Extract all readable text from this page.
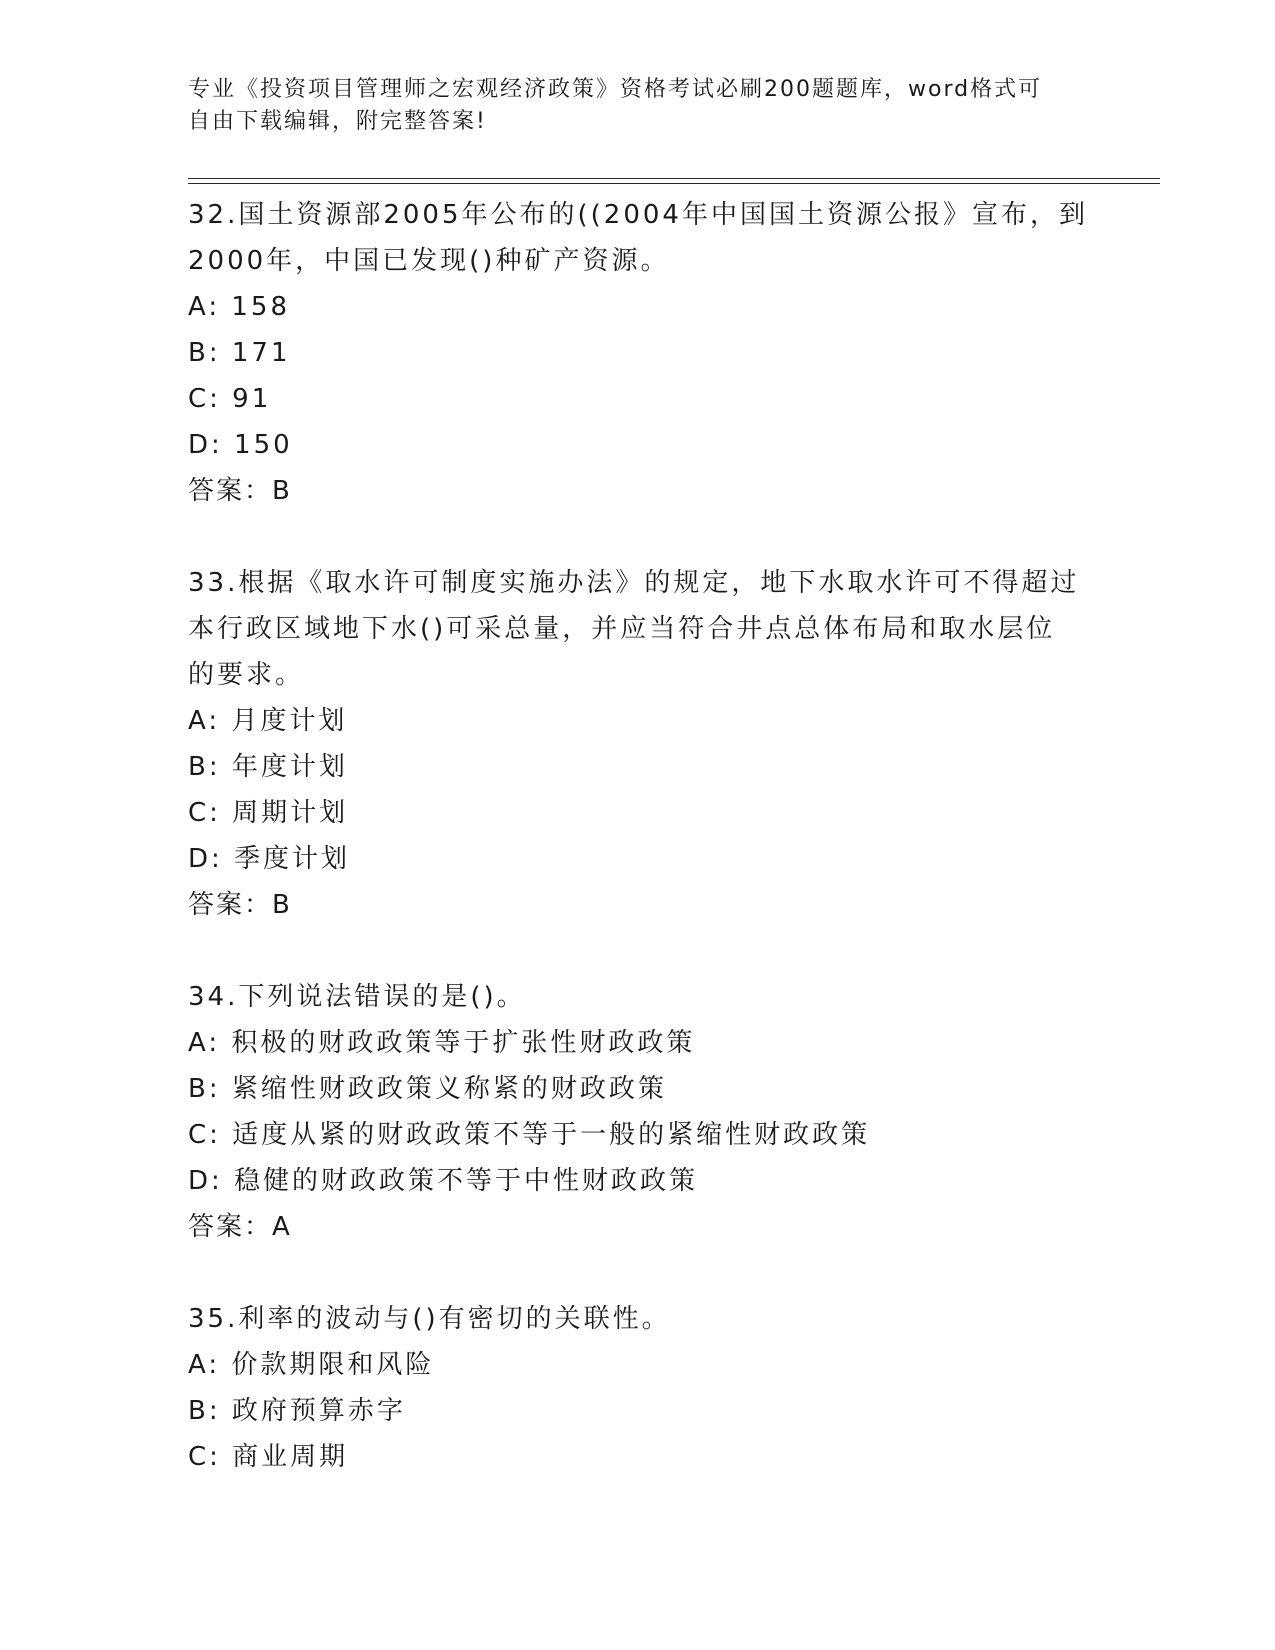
专业《投资项目管理师之宏观经济政策》资格考试必刷200题题库，word格式可
自由下载编辑，附完整答案!
32.国土资源部2005年公布的((2004年中国国土资源公报》宣布，到
2000年，中国已发现()种矿产资源。
A: 158
B: 171
C: 91
D: 150
答案：B
33.根据《取水许可制度实施办法》的规定，地下水取水许可不得超过
本行政区域地下水()可采总量，并应当符合井点总体布局和取水层位
的要求。
A: 月度计划
B: 年度计划
C: 周期计划
D: 季度计划
答案：B
34.下列说法错误的是()。
A: 积极的财政政策等于扩张性财政政策
B: 紧缩性财政政策义称紧的财政政策
C: 适度从紧的财政政策不等于一般的紧缩性财政政策
D: 稳健的财政政策不等于中性财政政策
答案：A
35.利率的波动与()有密切的关联性。
A: 价款期限和风险
B: 政府预算赤字
C: 商业周期
